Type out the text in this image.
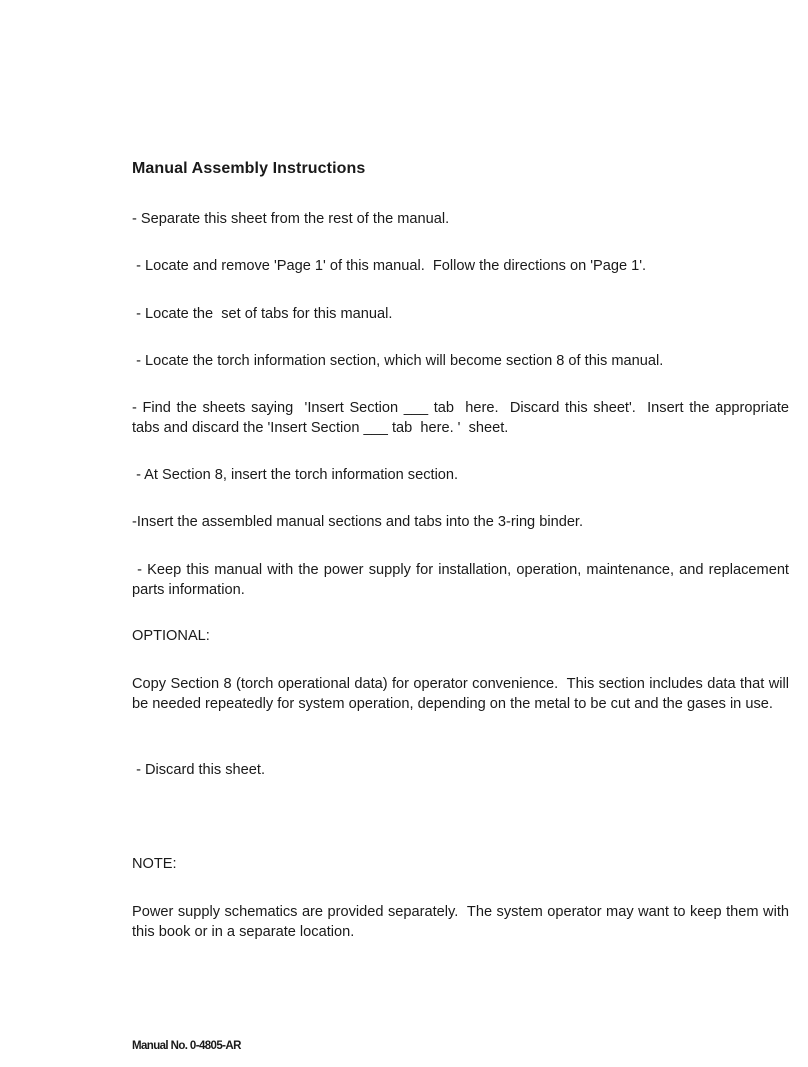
Manual Assembly Instructions
- Separate this sheet from the rest of the manual.
- Locate and remove 'Page 1' of this manual.  Follow the directions on 'Page 1'.
- Locate the  set of tabs for this manual.
- Locate the torch information section, which will become section 8 of this manual.
- Find the sheets saying  'Insert Section ___ tab  here.  Discard this sheet'.  Insert the appropriate tabs and discard the 'Insert Section ___ tab  here. '  sheet.
- At Section 8, insert the torch information section.
-Insert the assembled manual sections and tabs into the 3-ring binder.
- Keep this manual with the power supply for installation, operation, maintenance, and replacement parts information.
OPTIONAL:
Copy Section 8 (torch operational data) for operator convenience.  This section includes data that will be needed repeatedly for system operation, depending on the metal to be cut and the gases in use.
- Discard this sheet.
NOTE:
Power supply schematics are provided separately.  The system operator may want to keep them with this book or in a separate location.
Manual No. 0-4805-AR
